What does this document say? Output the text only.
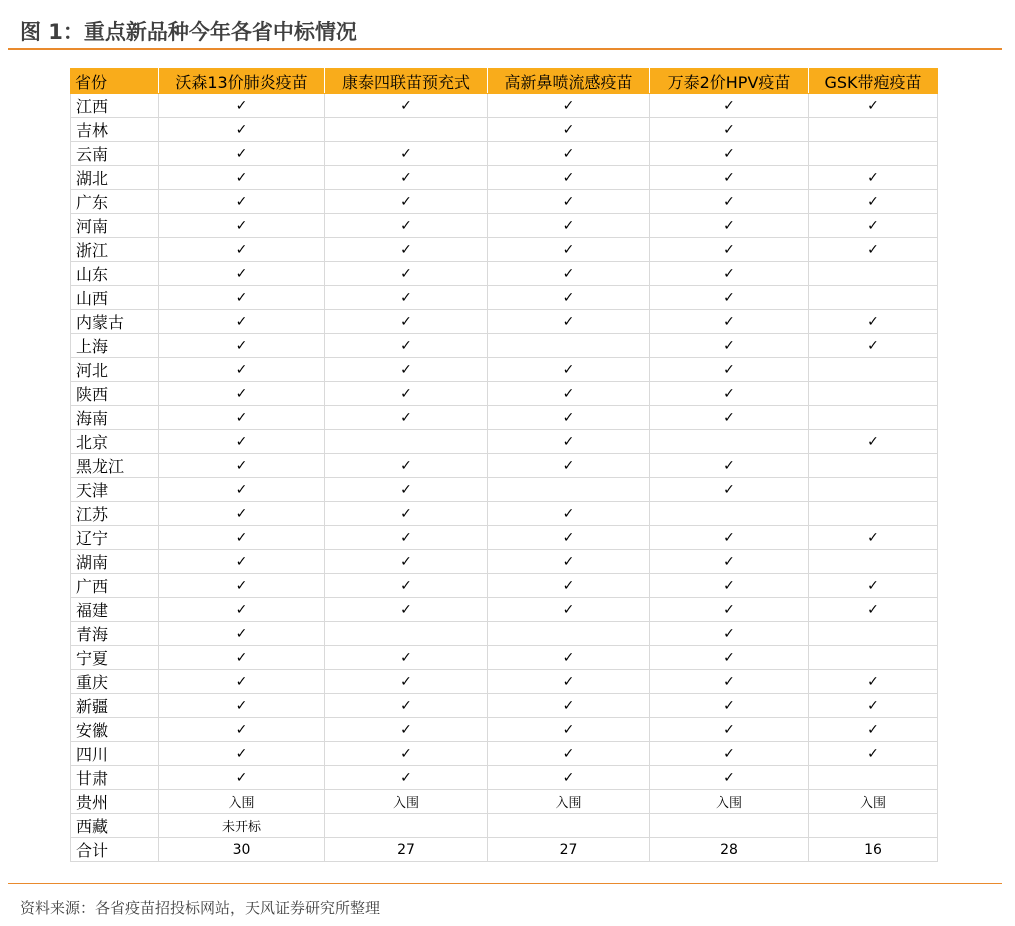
图 1：重点新品种今年各省中标情况
省份	沃森13价肺炎疫苗	康泰四联苗预充式	高新鼻喷流感疫苗	万泰2价HPV疫苗	GSK带疱疫苗
江西	✓	✓	✓	✓	✓
吉林	✓		✓	✓	
云南	✓	✓	✓	✓	
湖北	✓	✓	✓	✓	✓
广东	✓	✓	✓	✓	✓
河南	✓	✓	✓	✓	✓
浙江	✓	✓	✓	✓	✓
山东	✓	✓	✓	✓	
山西	✓	✓	✓	✓	
内蒙古	✓	✓	✓	✓	✓
上海	✓	✓		✓	✓
河北	✓	✓	✓	✓	
陕西	✓	✓	✓	✓	
海南	✓	✓	✓	✓	
北京	✓		✓		✓
黑龙江	✓	✓	✓	✓	
天津	✓	✓		✓	
江苏	✓	✓	✓		
辽宁	✓	✓	✓	✓	✓
湖南	✓	✓	✓	✓	
广西	✓	✓	✓	✓	✓
福建	✓	✓	✓	✓	✓
青海	✓			✓	
宁夏	✓	✓	✓	✓	
重庆	✓	✓	✓	✓	✓
新疆	✓	✓	✓	✓	✓
安徽	✓	✓	✓	✓	✓
四川	✓	✓	✓	✓	✓
甘肃	✓	✓	✓	✓	
贵州	入围	入围	入围	入围	入围
西藏	未开标				
合计	30	27	27	28	16
资料来源：各省疫苗招投标网站，天风证券研究所整理
